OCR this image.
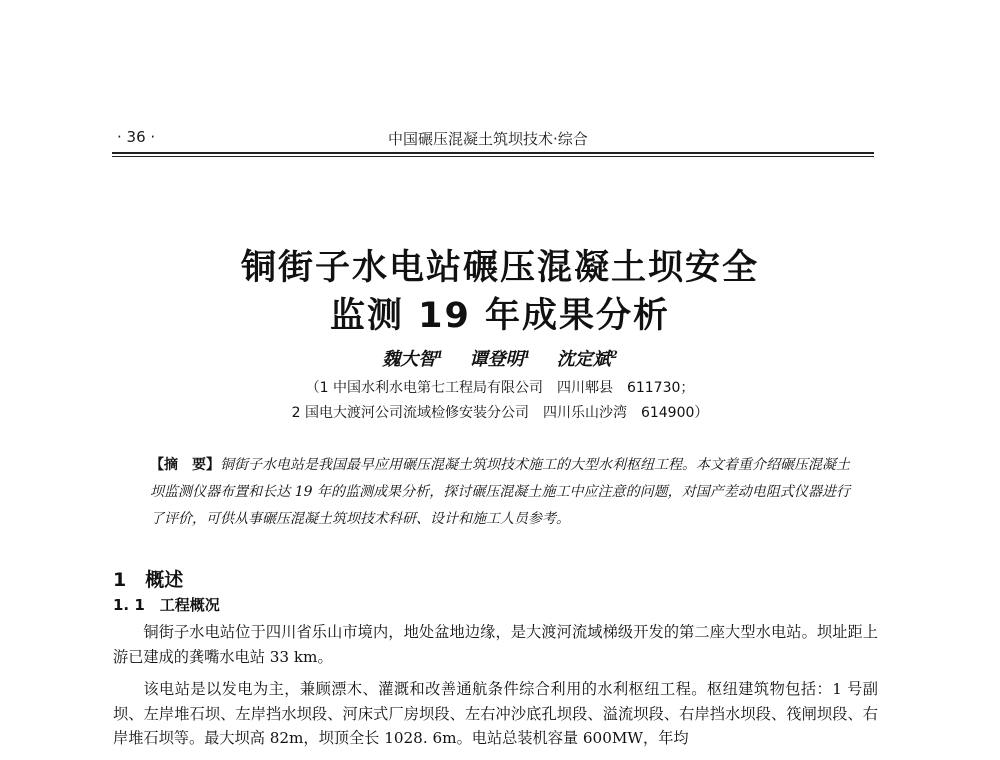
· 36 ·	中国碾压混凝土筑坝技术·综合
铜街子水电站碾压混凝土坝安全
监测 19 年成果分析
魏大智$^1$ 谭登明$^1$ 沈定斌$^2$
（1 中国水利水电第七工程局有限公司　四川郫县　611730；
2 国电大渡河公司流域检修安装分公司　四川乐山沙湾　614900）
【摘　要】铜街子水电站是我国最早应用碾压混凝土筑坝技术施工的大型水利枢纽工程。本文着重介绍碾压混凝土坝监测仪器布置和长达 19 年的监测成果分析，探讨碾压混凝土施工中应注意的问题，对国产差动电阻式仪器进行了评价，可供从事碾压混凝土筑坝技术科研、设计和施工人员参考。
1　概述
1. 1　工程概况
铜街子水电站位于四川省乐山市境内，地处盆地边缘，是大渡河流域梯级开发的第二座大型水电站。坝址距上游已建成的龚嘴水电站 33 km。
该电站是以发电为主，兼顾漂木、灌溉和改善通航条件综合利用的水利枢纽工程。枢纽建筑物包括：1 号副坝、左岸堆石坝、左岸挡水坝段、河床式厂房坝段、左右冲沙底孔坝段、溢流坝段、右岸挡水坝段、筏闸坝段、右岸堆石坝等。最大坝高 82m，坝顶全长 1028. 6m。电站总装机容量 600MW，年均
